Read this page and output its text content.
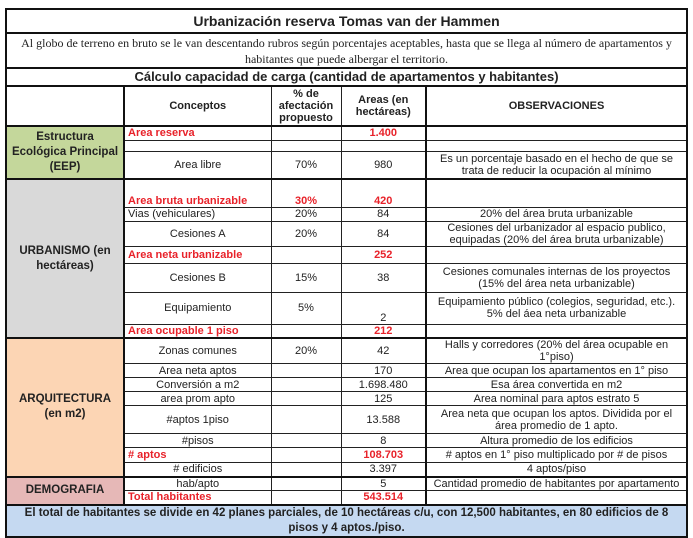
Urbanización reserva Tomas van der Hammen				
Al globo de terreno en bruto se le van descentando rubros según porcentajes aceptables, hasta que se llega al número de apartamentos y habitantes que puede albergar el territorio.				
Cálculo capacidad de carga (cantidad de apartamentos y habitantes)				
	Conceptos	% de afectación propuesto	Areas (en hectáreas)	OBSERVACIONES
Estructura Ecológica Principal (EEP)	Area reserva		1.400	

	Area libre	70%	980	Es un porcentaje basado en el hecho de que se trata de reducir la ocupación al mínimo
URBANISMO (en hectáreas)	Area bruta urbanizable	30%	420	
	Vias (vehiculares)	20%	84	20% del área bruta urbanizable
	Cesiones A	20%	84	Cesiones del urbanizador al espacio publico, equipadas (20% del área bruta urbanizable)
	Area neta urbanizable		252	
	Cesiones B	15%	38	Cesiones comunales internas de los proyectos (15% del área neta urbanizable)
	Equipamiento	5%	2	Equipamiento público (colegios, seguridad, etc.). 5% del áea neta urbanizable
	Area ocupable 1 piso		212	
ARQUITECTURA (en m2)	Zonas comunes	20%	42	Halls y corredores (20% del área ocupable en 1°piso)
	Area neta aptos		170	Area que ocupan los apartamentos en 1° piso
	Conversión a m2		1.698.480	Esa área convertida en m2
	area prom apto		125	Area nominal para aptos estrato 5
	#aptos 1piso		13.588	Area neta que ocupan los aptos. Dividida por el área promedio de 1 apto.
	#pisos		8	Altura promedio de los edificios
	# aptos		108.703	# aptos en 1° piso multiplicado por # de pisos
	# edificios		3.397	4 aptos/piso
DEMOGRAFIA	hab/apto		5	Cantidad promedio de habitantes por apartamento
	Total habitantes		543.514	
El total de habitantes se divide en 42 planes parciales, de 10 hectáreas c/u, con 12,500 habitantes, en 80 edificios de 8 pisos y 4 aptos./piso.				
